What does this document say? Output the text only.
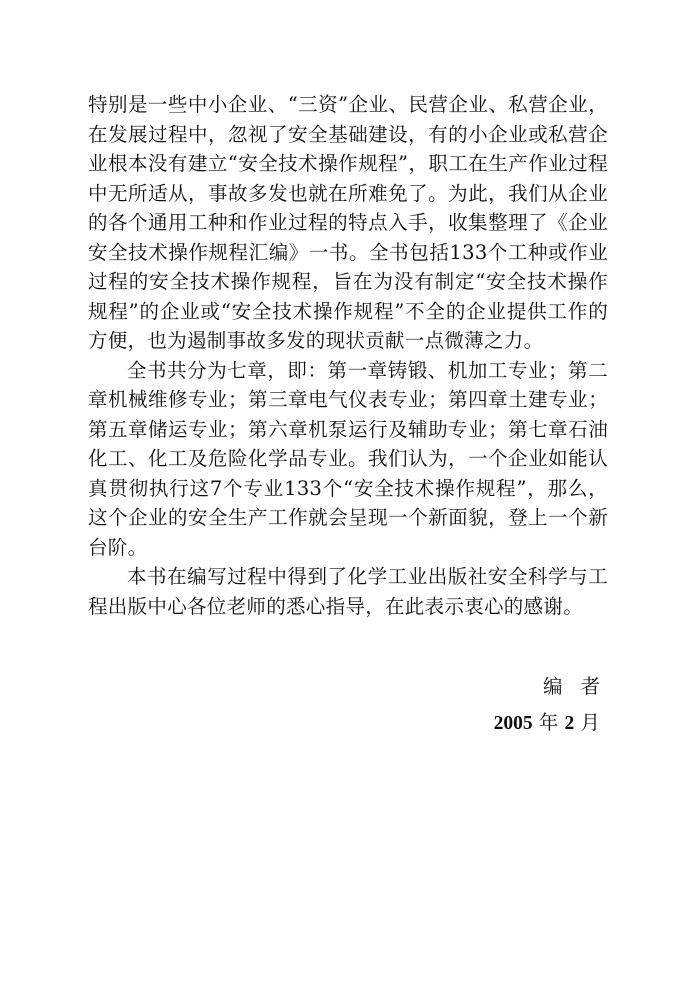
特别是一些中小企业、“三资”企业、民营企业、私营企业，在发展过程中，忽视了安全基础建设，有的小企业或私营企业根本没有建立“安全技术操作规程”，职工在生产作业过程中无所适从，事故多发也就在所难免了。为此，我们从企业的各个通用工种和作业过程的特点入手，收集整理了《企业安全技术操作规程汇编》一书。全书包括133个工种或作业过程的安全技术操作规程，旨在为没有制定“安全技术操作规程”的企业或“安全技术操作规程”不全的企业提供工作的方便，也为遏制事故多发的现状贡献一点微薄之力。

全书共分为七章，即：第一章铸锻、机加工专业；第二章机械维修专业；第三章电气仪表专业；第四章土建专业；第五章储运专业；第六章机泵运行及辅助专业；第七章石油化工、化工及危险化学品专业。我们认为，一个企业如能认真贯彻执行这7个专业133个“安全技术操作规程”，那么，这个企业的安全生产工作就会呈现一个新面貌，登上一个新台阶。

本书在编写过程中得到了化学工业出版社安全科学与工程出版中心各位老师的悉心指导，在此表示衷心的感谢。

编者
2005 年 2 月
